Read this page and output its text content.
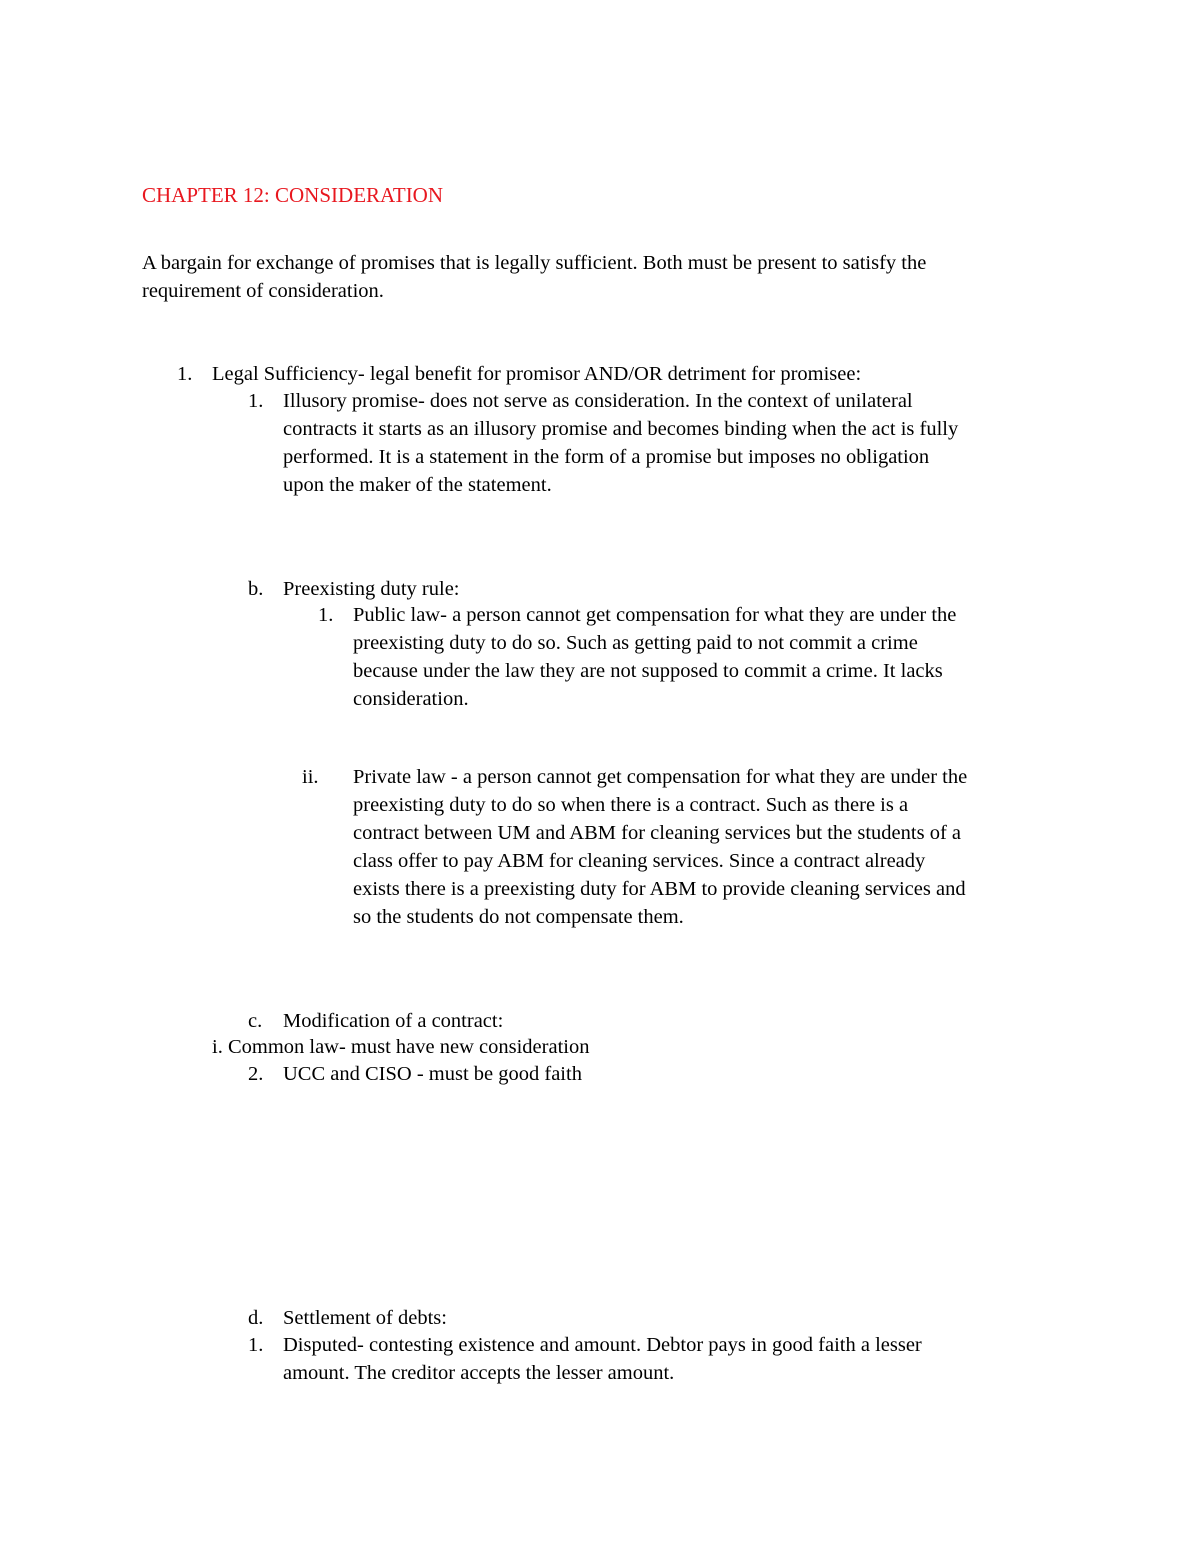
CHAPTER 12: CONSIDERATION
A bargain for exchange of promises that is legally sufficient. Both must be present to satisfy the
requirement of consideration.
1. Legal Sufficiency- legal benefit for promisor AND/OR detriment for promisee:
1. Illusory promise- does not serve as consideration. In the context of unilateral
contracts it starts as an illusory promise and becomes binding when the act is fully
performed. It is a statement in the form of a promise but imposes no obligation
upon the maker of the statement.
b. Preexisting duty rule:
1. Public law- a person cannot get compensation for what they are under the
preexisting duty to do so. Such as getting paid to not commit a crime
because under the law they are not supposed to commit a crime. It lacks
consideration.
ii. Private law - a person cannot get compensation for what they are under the
preexisting duty to do so when there is a contract. Such as there is a
contract between UM and ABM for cleaning services but the students of a
class offer to pay ABM for cleaning services. Since a contract already
exists there is a preexisting duty for ABM to provide cleaning services and
so the students do not compensate them.
c. Modification of a contract:
i. Common law- must have new consideration
2. UCC and CISO - must be good faith
d. Settlement of debts:
1. Disputed- contesting existence and amount. Debtor pays in good faith a lesser
amount. The creditor accepts the lesser amount.
